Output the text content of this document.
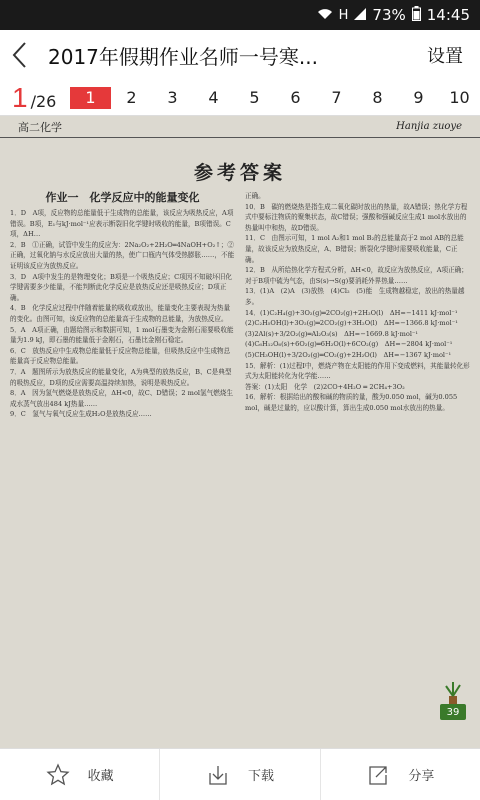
H 73% 14:45
2017年假期作业名师一号寒...	设置
1 /26	1	2	3	4	5	6	7	8	9	10
高二化学	Hanjia zuoye
参考答案
作业一　化学反应中的能量变化

1．D　A项，反应物的总能量低于生成物的总能量，该反应为吸热反应，A项错误。B项，E₁与kJ·mol⁻¹应表示断裂旧化学键时吸收的能量，B项错误。C项，ΔH…

2．B　①正确，试管中发生的反应为：2Na₂O₂+2H₂O═4NaOH+O₂↑；②正确，过氧化钠与水反应放出大量的热，使广口瓶内气体受热膨胀……，不能证明该反应为放热反应。

3．D　A项中发生的是物理变化；B项是一个吸热反应；C项因不知破坏旧化学键需要多少能量，不能判断此化学反应是放热反应还是吸热反应；D项正确。

4．B　化学反应过程中伴随着能量的吸收或放出，能量变化主要表现为热量的变化。由图可知，该反应物的总能量高于生成物的总能量，为放热反应。

5．A　A项正确，由题给图示和数据可知，1 mol石墨变为金刚石需要吸收能量为1.9 kJ，即石墨的能量低于金刚石，石墨比金刚石稳定。

6．C　放热反应中生成物总能量低于反应物总能量，但吸热反应中生成物总能量高于反应物总能量。

7．A　题图所示为放热反应的能量变化，A为典型的放热反应，B、C是典型的吸热反应，D项的反应需要高温持续加热，说明是吸热反应。

8．A　因为氢气燃烧是放热反应，ΔH<0，故C、D错误；2 mol氢气燃烧生成水蒸气放出484 kJ热量……

9．C　氢气与氧气反应生成H₂O是放热反应……

正确。

10．B　碳的燃烧热是指生成二氧化碳时放出的热量，故A错误；热化学方程式中要标注物质的聚集状态，故C错误；强酸和强碱反应生成1 mol水放出的热量叫中和热，故D错误。

11．C　由图示可知，1 mol A₂和1 mol B₂的总能量高于2 mol AB的总能量，故该反应为放热反应，A、B错误；断裂化学键时需要吸收能量，C正确。

12．B　从所给热化学方程式分析，ΔH<0，故反应为放热反应，A项正确；对于B项中硫为气态，由S(s)→S(g)要消耗外界热量……

13．(1)A　(2)A　(3)放热　(4)Cl₂　(5)能　生成物越稳定，放出的热量越多。

14．(1)C₂H₄(g)+3O₂(g)═2CO₂(g)+2H₂O(l)　ΔH=−1411 kJ·mol⁻¹

(2)C₂H₅OH(l)+3O₂(g)═2CO₂(g)+3H₂O(l)　ΔH=−1366.8 kJ·mol⁻¹

(3)2Al(s)+3/2O₂(g)═Al₂O₃(s)　ΔH=−1669.8 kJ·mol⁻¹

(4)C₆H₁₂O₆(s)+6O₂(g)═6H₂O(l)+6CO₂(g)　ΔH=−2804 kJ·mol⁻¹

(5)CH₃OH(l)+3/2O₂(g)═CO₂(g)+2H₂O(l)　ΔH=−1367 kJ·mol⁻¹

15．解析：(1)过程Ⅰ中，燃烧产物在太阳能的作用下变成燃料，其能量转化形式为太阳能转化为化学能……

答案：(1)太阳　化学　(2)2CO+4H₂O ═ 2CH₄+3O₂

16．解析：根据给出的酸和碱的物质的量，酸为0.050 mol，碱为0.055 mol，碱是过量的，应以酸计算，算出生成0.050 mol水放出的热量。

39
收藏	下载	分享
